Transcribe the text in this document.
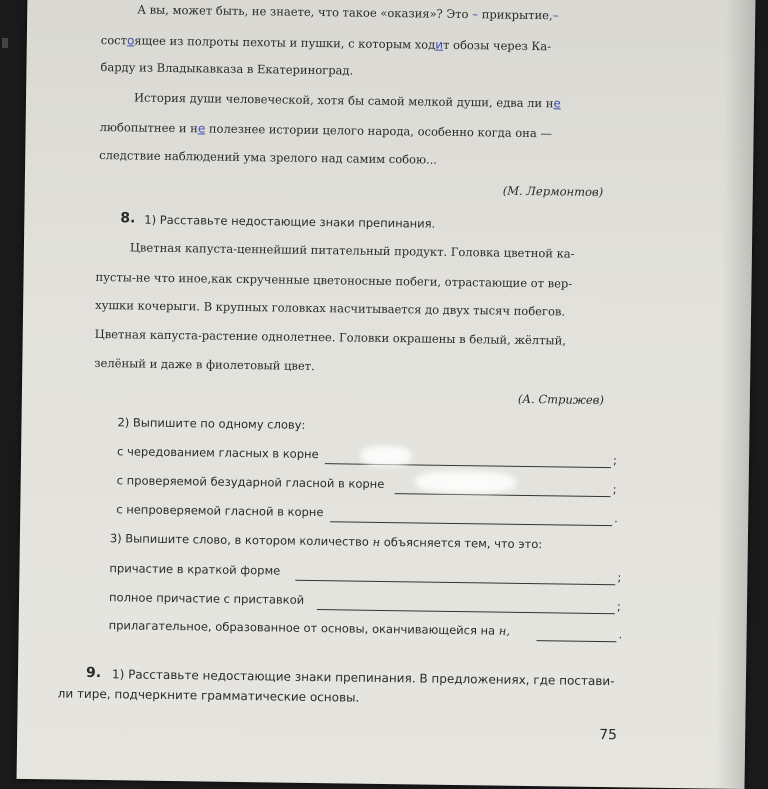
·
А вы, может быть, не знаете, что такое «оказия»? Это – прикрытие,–
состоящее из полроты пехоты и пушки, с которым ходит обозы через Ка-
барду из Владыкавказа в Екатериноград.
История души человеческой, хотя бы самой мелкой души, едва ли не
любопытнее и не полезнее истории целого народа, особенно когда она —
следствие наблюдений ума зрелого над самим собою...
(М. Лермонтов)
8. 1) Расставьте недостающие знаки препинания.
Цветная капуста-ценнейший питательный продукт. Головка цветной ка-
пусты-не что иное,как скрученные цветоносные побеги, отрастающие от вер-
хушки кочерыги. В крупных головках насчитывается до двух тысяч побегов.
Цветная капуста-растение однолетнее. Головки окрашены в белый, жёлтый,
зелёный и даже в фиолетовый цвет.
(А. Стрижев)
2) Выпишите по одному слову:
с чередованием гласных в корне	;
с проверяемой безударной гласной в корне	;
с непроверяемой гласной в корне	.
3) Выпишите слово, в котором количество н объясняется тем, что это:
причастие в краткой форме	;
полное причастие с приставкой	;
прилагательное, образованное от основы, оканчивающейся на н,	.
9. 1) Расставьте недостающие знаки препинания. В предложениях, где постави-
ли тире, подчеркните грамматические основы.
75
